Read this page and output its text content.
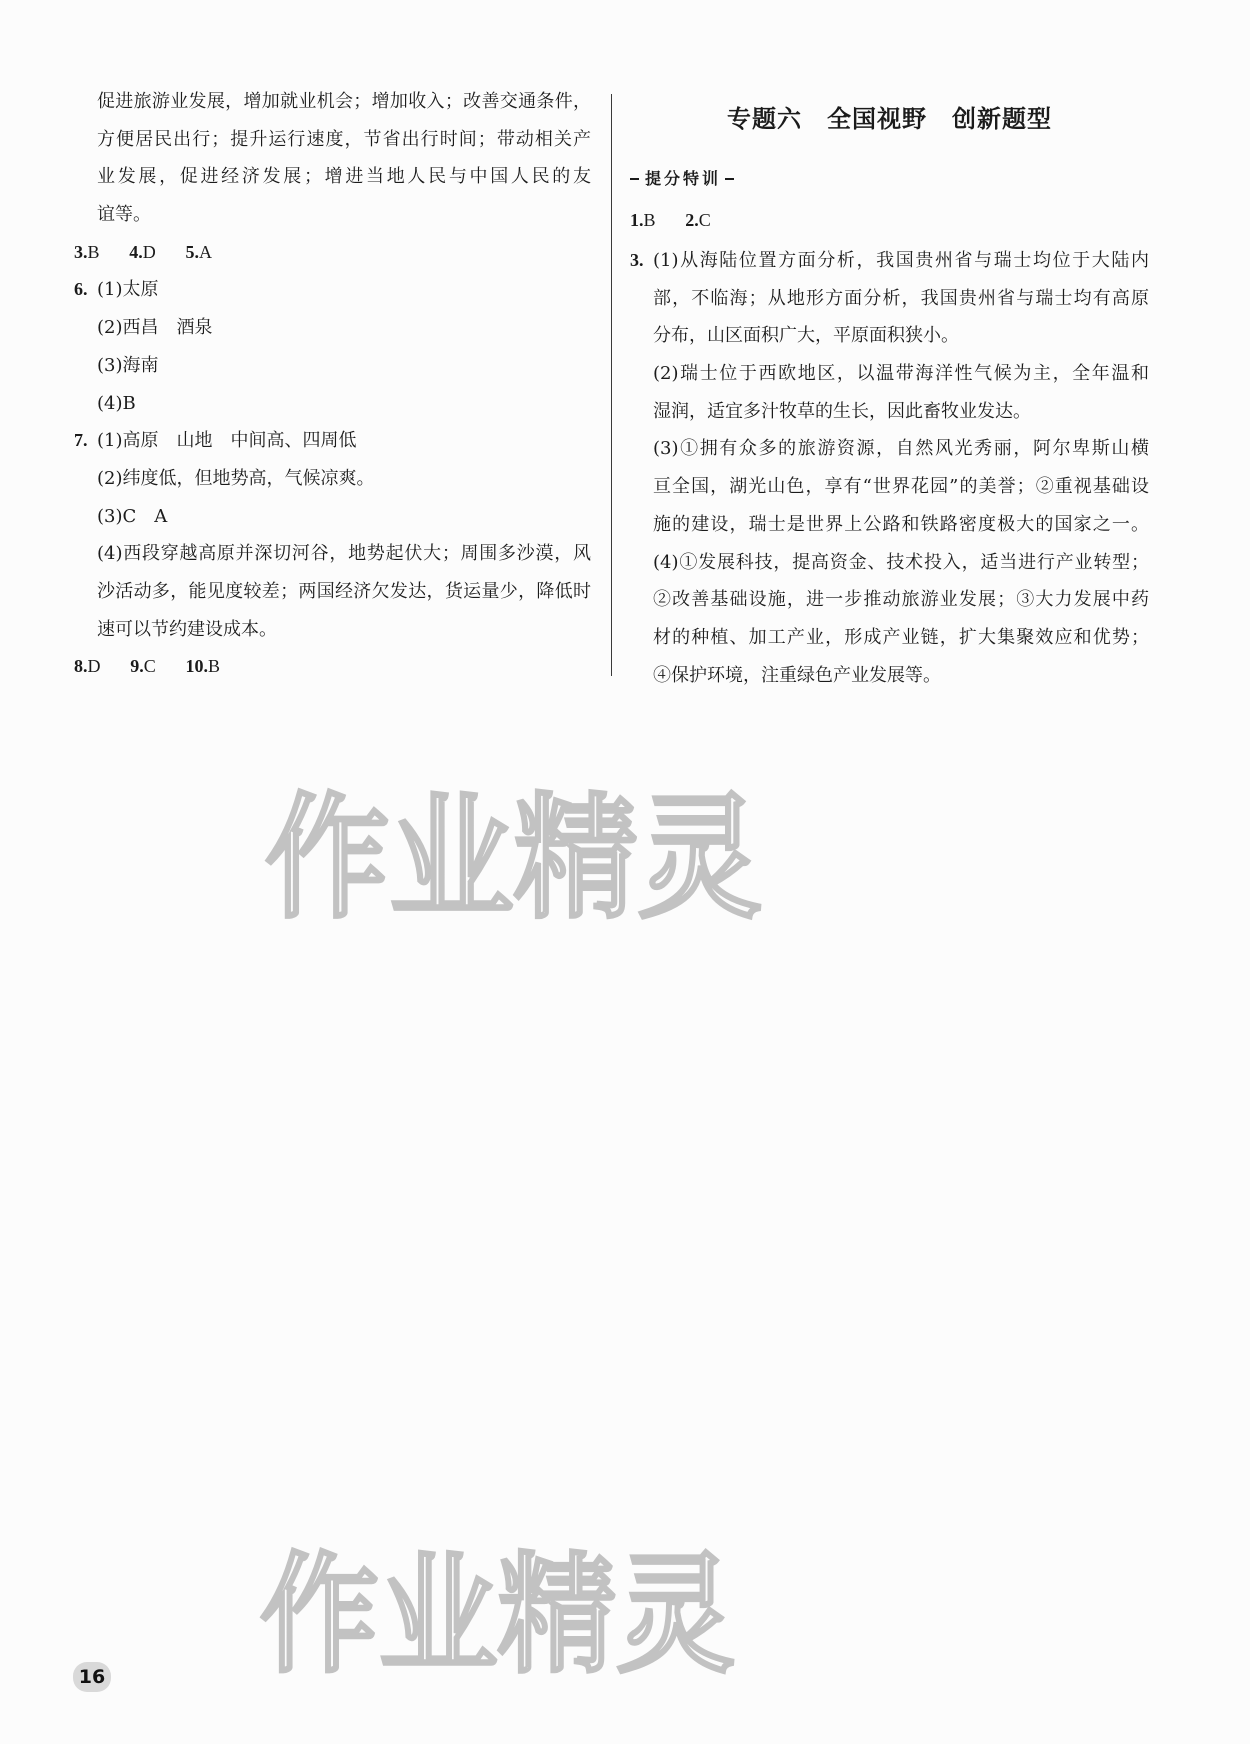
作业精灵
作业精灵
促进旅游业发展，增加就业机会；增加收入；改善交通条件，
方便居民出行；提升运行速度，节省出行时间；带动相关产
业发展，促进经济发展；增进当地人民与中国人民的友
谊等。
3.B 4.D 5.A
6. (1)太原
(2)西昌　酒泉
(3)海南
(4)B
7. (1)高原　山地　中间高、四周低
(2)纬度低，但地势高，气候凉爽。
(3)C　A
(4)西段穿越高原并深切河谷，地势起伏大；周围多沙漠，风
沙活动多，能见度较差；两国经济欠发达，货运量少，降低时
速可以节约建设成本。
8.D 9.C 10.B
专题六　全国视野　创新题型
提分特训
1.B 2.C
3. (1)从海陆位置方面分析，我国贵州省与瑞士均位于大陆内
部，不临海；从地形方面分析，我国贵州省与瑞士均有高原
分布，山区面积广大，平原面积狭小。
(2)瑞士位于西欧地区，以温带海洋性气候为主，全年温和
湿润，适宜多汁牧草的生长，因此畜牧业发达。
(3)①拥有众多的旅游资源，自然风光秀丽，阿尔卑斯山横
亘全国，湖光山色，享有“世界花园”的美誉；②重视基础设
施的建设，瑞士是世界上公路和铁路密度极大的国家之一。
(4)①发展科技，提高资金、技术投入，适当进行产业转型；
②改善基础设施，进一步推动旅游业发展；③大力发展中药
材的种植、加工产业，形成产业链，扩大集聚效应和优势；
④保护环境，注重绿色产业发展等。
16
